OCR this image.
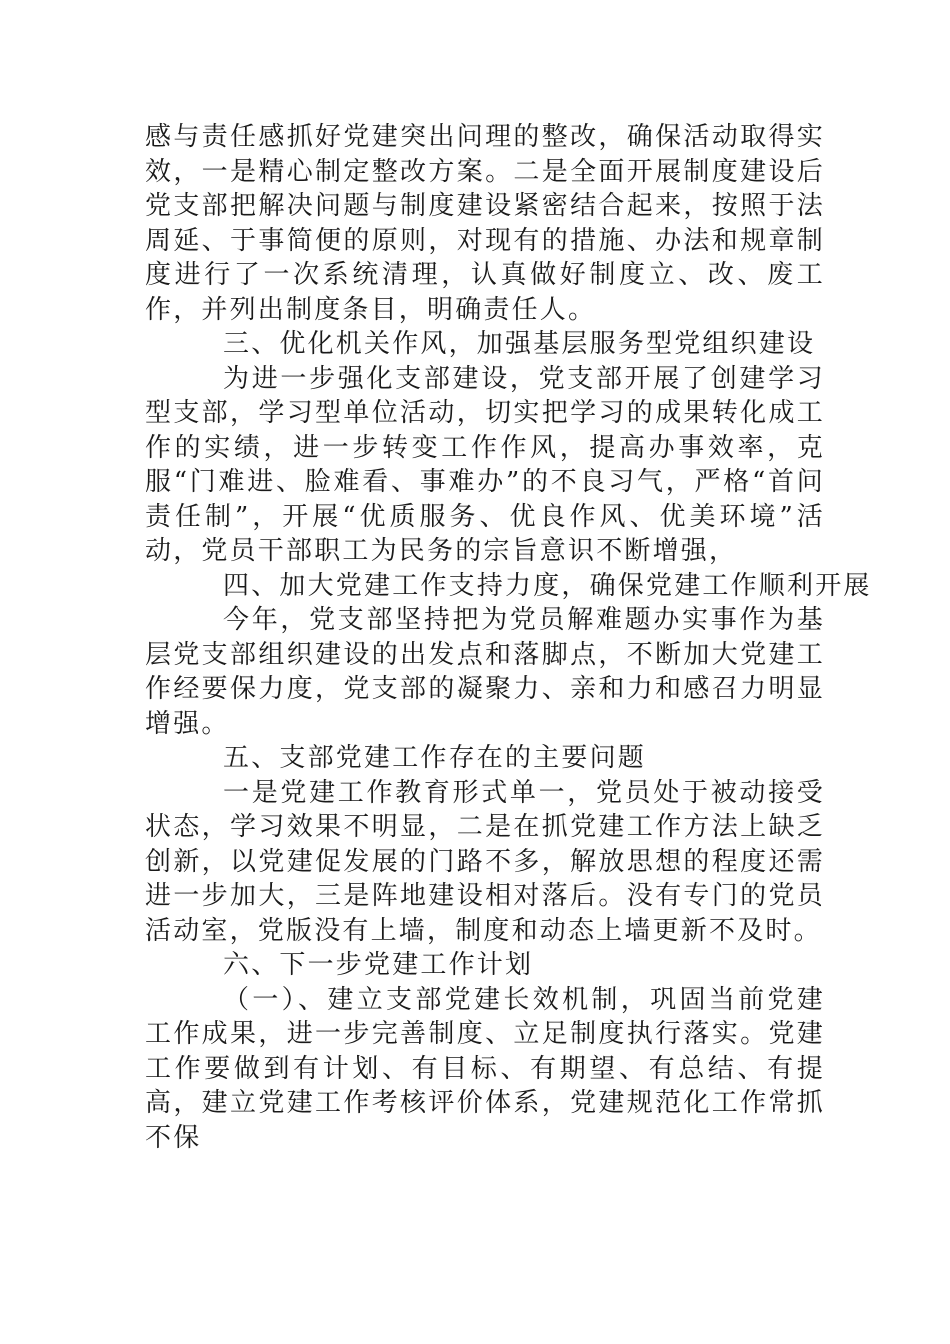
感与责任感抓好党建突出问理的整改，确保活动取得实效，一是精心制定整改方案。二是全面开展制度建设后党支部把解决问题与制度建设紧密结合起来，按照于法周延、于事简便的原则，对现有的措施、办法和规章制度进行了一次系统清理，认真做好制度立、改、废工作，并列出制度条目，明确责任人。

三、优化机关作风，加强基层服务型党组织建设

为进一步强化支部建设，党支部开展了创建学习型支部，学习型单位活动，切实把学习的成果转化成工作的实绩，进一步转变工作作风，提高办事效率，克服“门难进、脸难看、事难办”的不良习气，严格“首问责任制”，开展“优质服务、优良作风、优美环境”活动，党员干部职工为民务的宗旨意识不断增强，

四、加大党建工作支持力度，确保党建工作顺利开展

今年，党支部坚持把为党员解难题办实事作为基层党支部组织建设的出发点和落脚点，不断加大党建工作经要保力度，党支部的凝聚力、亲和力和感召力明显增强。

五、支部党建工作存在的主要问题

一是党建工作教育形式单一，党员处于被动接受状态，学习效果不明显，二是在抓党建工作方法上缺乏创新，以党建促发展的门路不多，解放思想的程度还需进一步加大，三是阵地建设相对落后。没有专门的党员活动室，党版没有上墙，制度和动态上墙更新不及时。

六、下一步党建工作计划

（一）、建立支部党建长效机制，巩固当前党建工作成果，进一步完善制度、立足制度执行落实。党建工作要做到有计划、有目标、有期望、有总结、有提高，建立党建工作考核评价体系，党建规范化工作常抓不保
